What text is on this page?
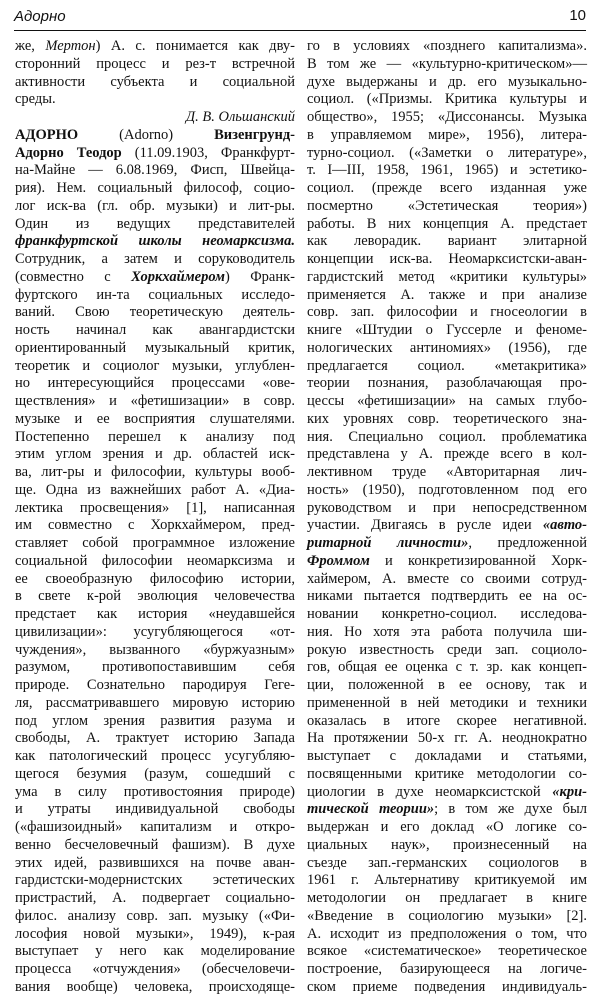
Адорно	10
же, Мертон) А. с. понимается как дву-
сторонний процесс и рез-т встречной
активности субъекта и социальной
среды.
Д. В. Ольшанский
АДОРНО (Adorno) Визенгрунд-
Адорно Теодор (11.09.1903, Франкфурт-
на-Майне — 6.08.1969, Фисп, Швейца-
рия). Нем. социальный философ, социо-
лог иск-ва (гл. обр. музыки) и лит-ры.
Один из ведущих представителей
франкфуртской школы неомарксизма.
Сотрудник, а затем и соруководитель
(совместно с Хоркхаймером) Франк-
фуртского ин-та социальных исследо-
ваний. Свою теоретическую деятель-
ность начинал как авангардистски
ориентированный музыкальный критик,
теоретик и социолог музыки, углублен-
но интересующийся процессами «ове-
ществления» и «фетишизации» в совр.
музыке и ее восприятия слушателями.
Постепенно перешел к анализу под
этим углом зрения и др. областей иск-
ва, лит-ры и философии, культуры вооб-
ще. Одна из важнейших работ А. «Диа-
лектика просвещения» [1], написанная
им совместно с Хоркхаймером, пред-
ставляет собой программное изложение
социальной философии неомарксизма и
ее своеобразную философию истории,
в свете к-рой эволюция человечества
предстает как история «неудавшейся
цивилизации»: усугубляющегося «от-
чуждения», вызванного «буржуазным»
разумом, противопоставившим себя
природе. Сознательно пародируя Геге-
ля, рассматривавшего мировую историю
под углом зрения развития разума и
свободы, А. трактует историю Запада
как патологический процесс усугубляю-
щегося безумия (разум, сошедший с
ума в силу противостояния природе)
и утраты индивидуальной свободы
(«фашизоидный» капитализм и откро-
венно бесчеловечный фашизм). В духе
этих идей, развившихся на почве аван-
гардистски-модернистских эстетических
пристрастий, А. подвергает социально-
филос. анализу совр. зап. музыку («Фи-
лософия новой музыки», 1949), к-рая
выступает у него как моделирование
процесса «отчуждения» (обесчеловечи-
вания вообще) человека, происходяще-
го в условиях «позднего капитализма».
В том же — «культурно-критическом»—
духе выдержаны и др. его музыкально-
социол. («Призмы. Критика культуры и
общество», 1955; «Диссонансы. Музыка
в управляемом мире», 1956), литера-
турно-социол. («Заметки о литературе»,
т. I—III, 1958, 1961, 1965) и эстетико-
социол. (прежде всего изданная уже
посмертно «Эстетическая теория»)
работы. В них концепция А. предстает
как леворадик. вариант элитарной
концепции иск-ва. Неомарксистски-аван-
гардистский метод «критики культуры»
применяется А. также и при анализе
совр. зап. философии и гносеологии в
книге «Штудии о Гуссерле и феноме-
нологических антиномиях» (1956), где
предлагается социол. «метакритика»
теории познания, разоблачающая про-
цессы «фетишизации» на самых глубо-
ких уровнях совр. теоретического зна-
ния. Специально социол. проблематика
представлена у А. прежде всего в кол-
лективном труде «Авторитарная лич-
ность» (1950), подготовленном под его
руководством и при непосредственном
участии. Двигаясь в русле идеи «авто-
ритарной личности», предложенной
Фроммом и конкретизированной Хорк-
хаймером, А. вместе со своими сотруд-
никами пытается подтвердить ее на ос-
новании конкретно-социол. исследова-
ния. Но хотя эта работа получила ши-
рокую известность среди зап. социоло-
гов, общая ее оценка с т. зр. как концеп-
ции, положенной в ее основу, так и
примененной в ней методики и техники
оказалась в итоге скорее негативной.
На протяжении 50-х гг. А. неоднократно
выступает с докладами и статьями,
посвященными критике методологии со-
циологии в духе неомарксистской «кри-
тической теории»; в том же духе был
выдержан и его доклад «О логике со-
циальных наук», произнесенный на
съезде зап.-германских социологов в
1961 г. Альтернативу критикуемой им
методологии он предлагает в книге
«Введение в социологию музыки» [2].
А. исходит из предположения о том, что
всякое «систематическое» теоретическое
построение, базирующееся на логиче-
ском приеме подведения индивидуаль-
